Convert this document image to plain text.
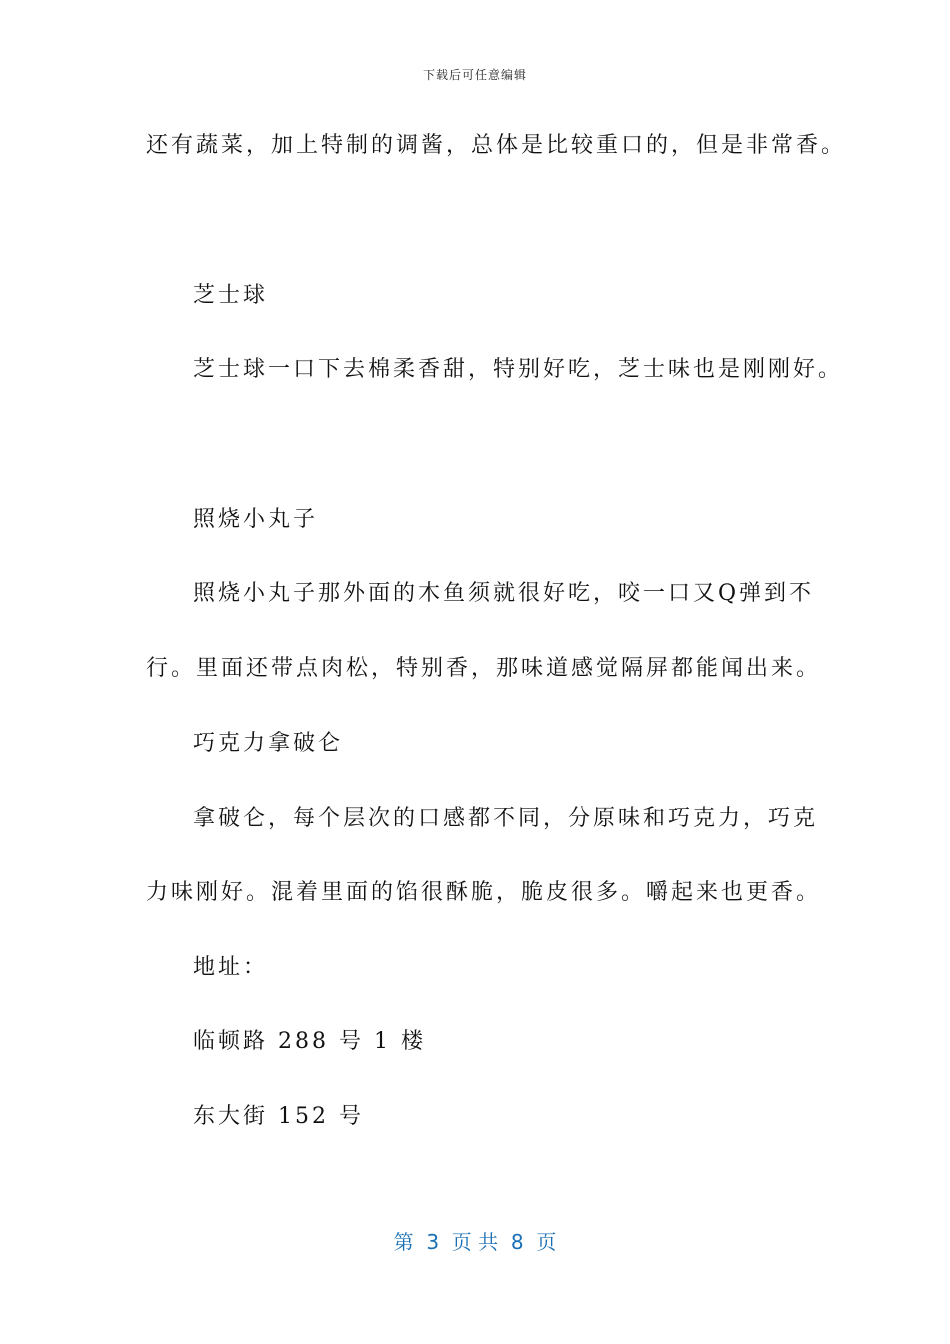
下载后可任意编辑
还有蔬菜，加上特制的调酱，总体是比较重口的，但是非常香。
芝士球
芝士球一口下去棉柔香甜，特别好吃，芝士味也是刚刚好。
照烧小丸子
照烧小丸子那外面的木鱼须就很好吃，咬一口又Q弹到不
行。里面还带点肉松，特别香，那味道感觉隔屏都能闻出来。
巧克力拿破仑
拿破仑，每个层次的口感都不同，分原味和巧克力，巧克
力味刚好。混着里面的馅很酥脆，脆皮很多。嚼起来也更香。
地址：
临顿路 288 号 1 楼
东大街 152 号
第  3  页 共  8  页
